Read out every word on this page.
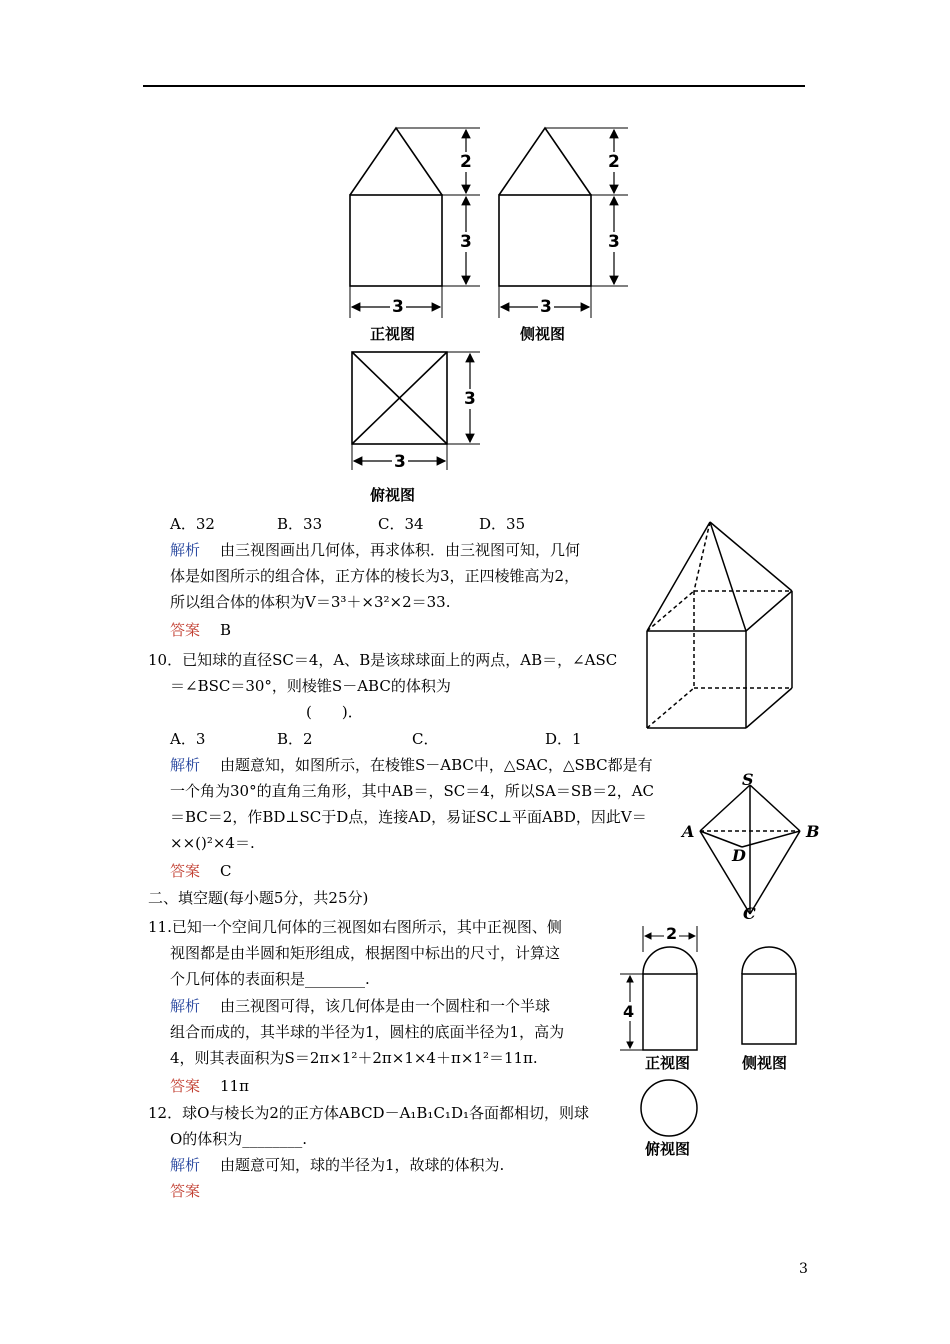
2
3
3
2
3
3
3
3
正视图	侧视图
俯视图
A．32	B．33	C．34	D．35
解析 由三视图画出几何体，再求体积．由三视图可知，几何
体是如图所示的组合体，正方体的棱长为3，正四棱锥高为2，
所以组合体的体积为V＝3³＋×3²×2＝33.
答案 B
10．已知球的直径SC＝4，A、B是该球球面上的两点，AB＝，∠ASC
＝∠BSC＝30°，则棱锥S－ABC的体积为
(　　)．
A．3	B．2	C．	D．1
解析 由题意知，如图所示，在棱锥S－ABC中，△SAC，△SBC都是有
一个角为30°的直角三角形，其中AB＝，SC＝4，所以SA＝SB＝2，AC
＝BC＝2，作BD⊥SC于D点，连接AD，易证SC⊥平面ABD，因此V＝
××()²×4＝.
答案 C
S
A	B
D
C
二、填空题(每小题5分，共25分)
11.已知一个空间几何体的三视图如右图所示，其中正视图、侧
视图都是由半圆和矩形组成，根据图中标出的尺寸，计算这
个几何体的表面积是________.
解析 由三视图可得，该几何体是由一个圆柱和一个半球
组合而成的，其半球的半径为1，圆柱的底面半径为1，高为
4，则其表面积为S＝2π×1²＋2π×1×4＋π×1²＝11π.
答案 11π
2
4
正视图	侧视图
俯视图
12．球O与棱长为2的正方体ABCD－A₁B₁C₁D₁各面都相切，则球
O的体积为________.
解析 由题意可知，球的半径为1，故球的体积为.
答案
3
